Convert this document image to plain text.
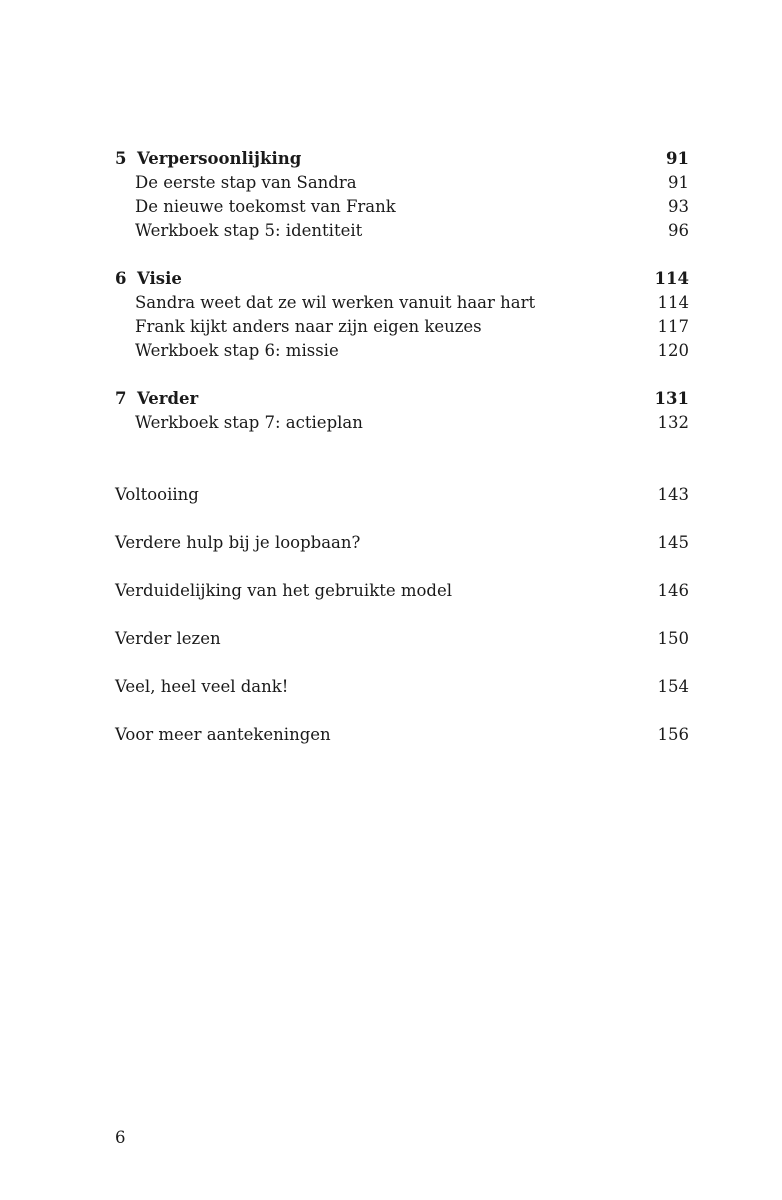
5 Verpersoonlijking	91
De eerste stap van Sandra	91
De nieuwe toekomst van Frank	93
Werkboek stap 5: identiteit	96
6 Visie	114
Sandra weet dat ze wil werken vanuit haar hart	114
Frank kijkt anders naar zijn eigen keuzes	117
Werkboek stap 6: missie	120
7 Verder	131
Werkboek stap 7: actieplan	132
Voltooiing	143
Verdere hulp bij je loopbaan?	145
Verduidelijking van het gebruikte model	146
Verder lezen	150
Veel, heel veel dank!	154
Voor meer aantekeningen	156
6
